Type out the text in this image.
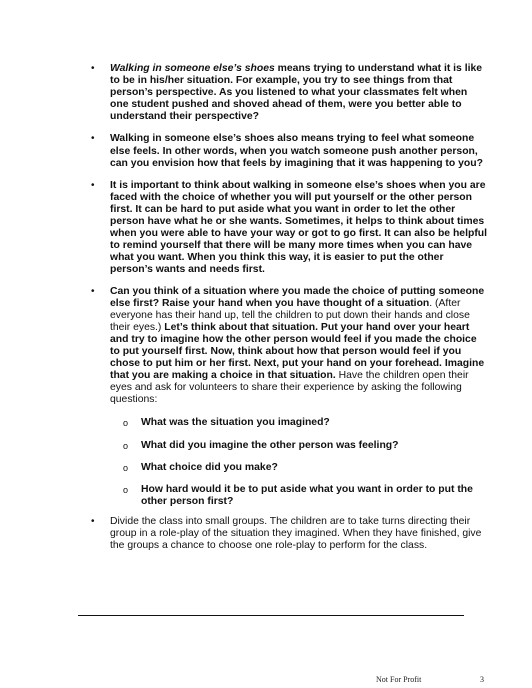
• Walking in someone else’s shoes means trying to understand what it is like to be in his/her situation. For example, you try to see things from that person’s perspective. As you listened to what your classmates felt when one student pushed and shoved ahead of them, were you better able to understand their perspective?
• Walking in someone else’s shoes also means trying to feel what someone else feels. In other words, when you watch someone push another person, can you envision how that feels by imagining that it was happening to you?
• It is important to think about walking in someone else’s shoes when you are faced with the choice of whether you will put yourself or the other person first. It can be hard to put aside what you want in order to let the other person have what he or she wants. Sometimes, it helps to think about times when you were able to have your way or got to go first. It can also be helpful to remind yourself that there will be many more times when you can have what you want. When you think this way, it is easier to put the other person’s wants and needs first.
• Can you think of a situation where you made the choice of putting someone else first? Raise your hand when you have thought of a situation. (After everyone has their hand up, tell the children to put down their hands and close their eyes.) Let’s think about that situation. Put your hand over your heart and try to imagine how the other person would feel if you made the choice to put yourself first. Now, think about how that person would feel if you chose to put him or her first. Next, put your hand on your forehead. Imagine that you are making a choice in that situation. Have the children open their eyes and ask for volunteers to share their experience by asking the following questions:
o What was the situation you imagined?
o What did you imagine the other person was feeling?
o What choice did you make?
o How hard would it be to put aside what you want in order to put the other person first?
• Divide the class into small groups. The children are to take turns directing their group in a role-play of the situation they imagined. When they have finished, give the groups a chance to choose one role-play to perform for the class.
Not For Profit	3
